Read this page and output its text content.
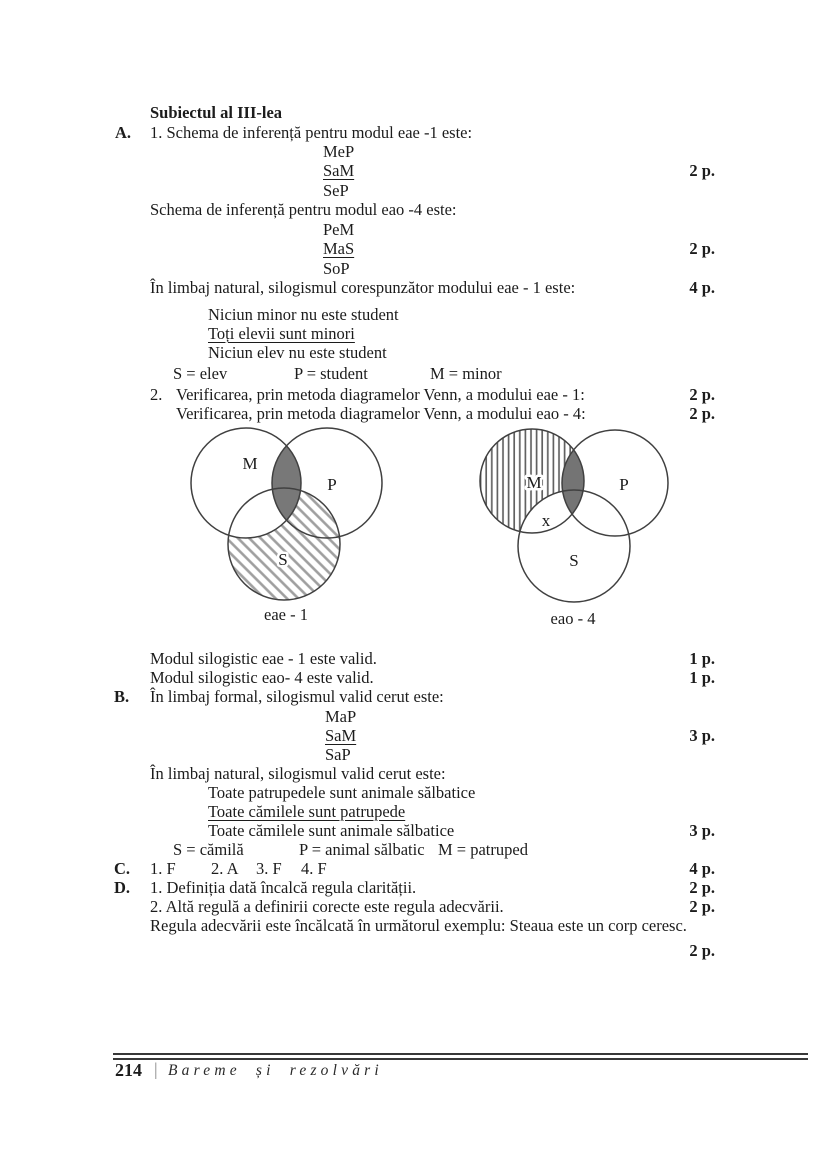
Subiectul al III-lea
A. 1. Schema de inferență pentru modul eae -1 este:
MeP
SaM	2 p.
SeP
Schema de inferență pentru modul eao -4 este:
PeM
MaS	2 p.
SoP
În limbaj natural, silogismul corespunzător modului eae - 1 este:	4 p.
Niciun minor nu este student
Toți elevii sunt minori
Niciun elev nu este student
S = elev	P = student	M = minor
2. Verificarea, prin metoda diagramelor Venn, a modului eae - 1:	2 p.
Verificarea, prin metoda diagramelor Venn, a modului eao - 4:	2 p.
M
P
S
eae - 1
M	P
S
x
eao - 4
Modul silogistic eae - 1 este valid.	1 p.
Modul silogistic eao- 4 este valid.	1 p.
B. În limbaj formal, silogismul valid cerut este:
MaP
SaM	3 p.
SaP
În limbaj natural, silogismul valid cerut este:
Toate patrupedele sunt animale sălbatice
Toate cămilele sunt patrupede
Toate cămilele sunt animale sălbatice	3 p.
S = cămilă	P = animal sălbatic M = patruped
C. 1. F 2. A 3. F 4. F	4 p.
D. 1. Definiția dată încalcă regula clarității.	2 p.
2. Altă regulă a definirii corecte este regula adecvării.	2 p.
Regula adecvării este încălcată în următorul exemplu: Steaua este un corp ceresc.
2 p.
214 | Bareme și rezolvări
